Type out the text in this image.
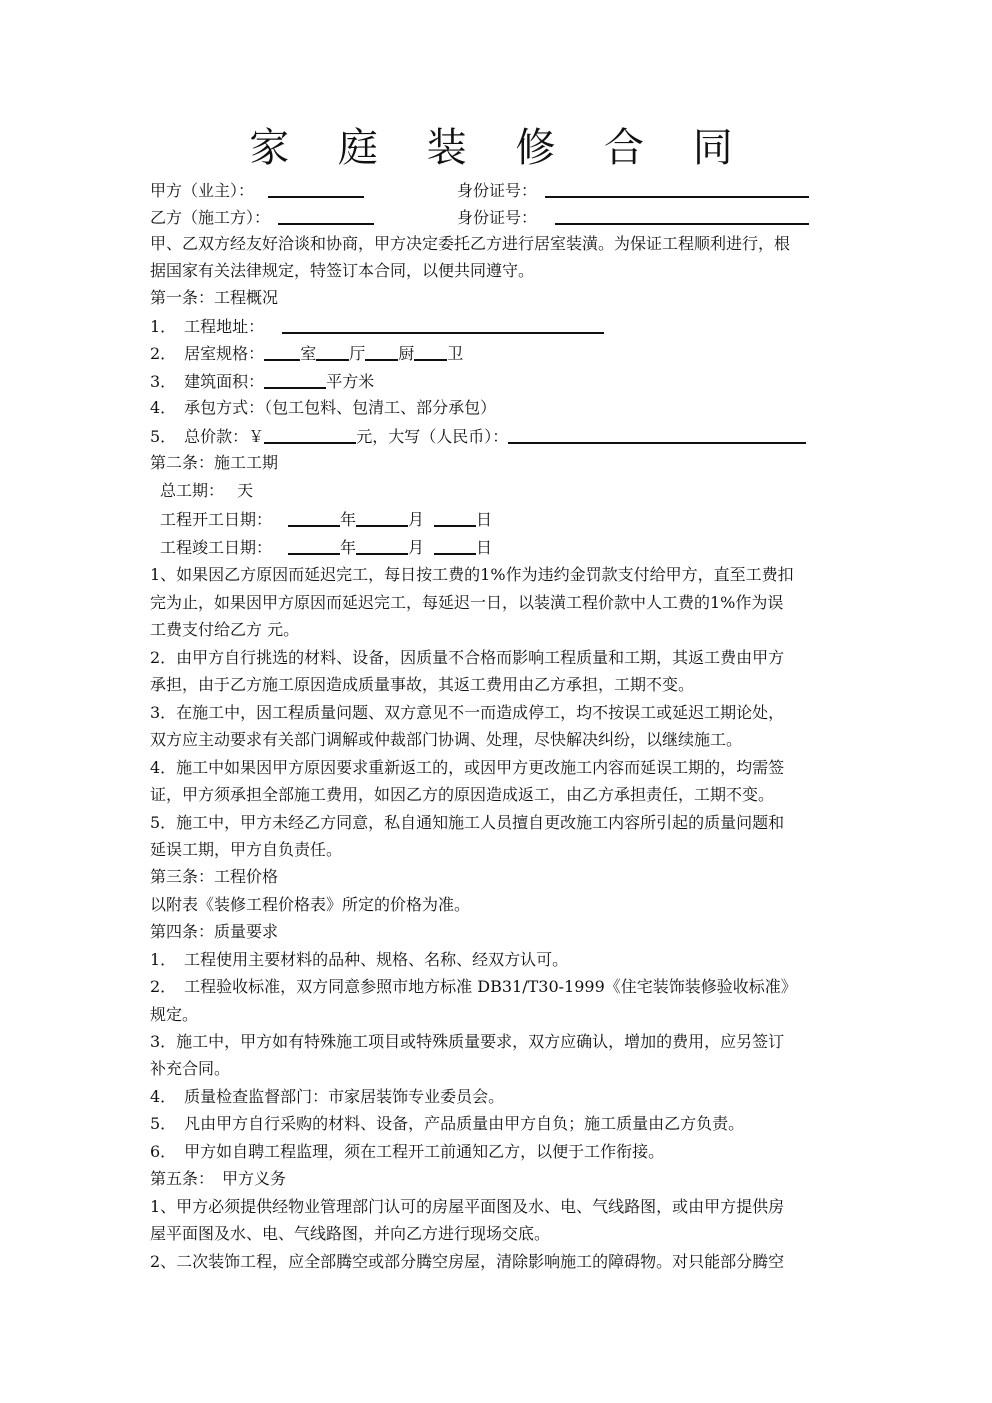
家 庭 装 修 合 同
甲方（业主）：	身份证号：
乙方（施工方）：	身份证号：
甲、乙双方经友好洽谈和协商，甲方决定委托乙方进行居室装潢。为保证工程顺利进行，根
据国家有关法律规定，特签订本合同，以便共同遵守。
第一条：工程概况
1．　工程地址：
2．　居室规格： 室 厅 厨 卫
3．　建筑面积：	平方米
4．　承包方式：（包工包料、包清工、部分承包）
5．　总价款：￥	元，大写（人民币）：
第二条：施工工期
总工期：　 天
工程开工日期：	年	月	日
工程竣工日期：	年	月	日
1、如果因乙方原因而延迟完工，每日按工费的1%作为违约金罚款支付给甲方，直至工费扣
完为止，如果因甲方原因而延迟完工，每延迟一日，以装潢工程价款中人工费的1%作为误
工费支付给乙方 元。
2．由甲方自行挑选的材料、设备，因质量不合格而影响工程质量和工期，其返工费由甲方
承担，由于乙方施工原因造成质量事故，其返工费用由乙方承担，工期不变。
3．在施工中，因工程质量问题、双方意见不一而造成停工，均不按误工或延迟工期论处，
双方应主动要求有关部门调解或仲裁部门协调、处理，尽快解决纠纷，以继续施工。
4．施工中如果因甲方原因要求重新返工的，或因甲方更改施工内容而延误工期的，均需签
证，甲方须承担全部施工费用，如因乙方的原因造成返工，由乙方承担责任，工期不变。
5．施工中，甲方未经乙方同意，私自通知施工人员擅自更改施工内容所引起的质量问题和
延误工期，甲方自负责任。
第三条：工程价格
以附表《装修工程价格表》所定的价格为准。
第四条：质量要求
1．　工程使用主要材料的品种、规格、名称、经双方认可。
2．　工程验收标准，双方同意参照市地方标准 DB31/T30-1999《住宅装饰装修验收标准》
规定。
3．施工中，甲方如有特殊施工项目或特殊质量要求，双方应确认，增加的费用，应另签订
补充合同。
4．　质量检查监督部门：市家居装饰专业委员会。
5．　凡由甲方自行采购的材料、设备，产品质量由甲方自负；施工质量由乙方负责。
6．　甲方如自聘工程监理，须在工程开工前通知乙方，以便于工作衔接。
第五条：　甲方义务
1、甲方必须提供经物业管理部门认可的房屋平面图及水、电、气线路图，或由甲方提供房
屋平面图及水、电、气线路图，并向乙方进行现场交底。
2、二次装饰工程，应全部腾空或部分腾空房屋，清除影响施工的障碍物。对只能部分腾空
